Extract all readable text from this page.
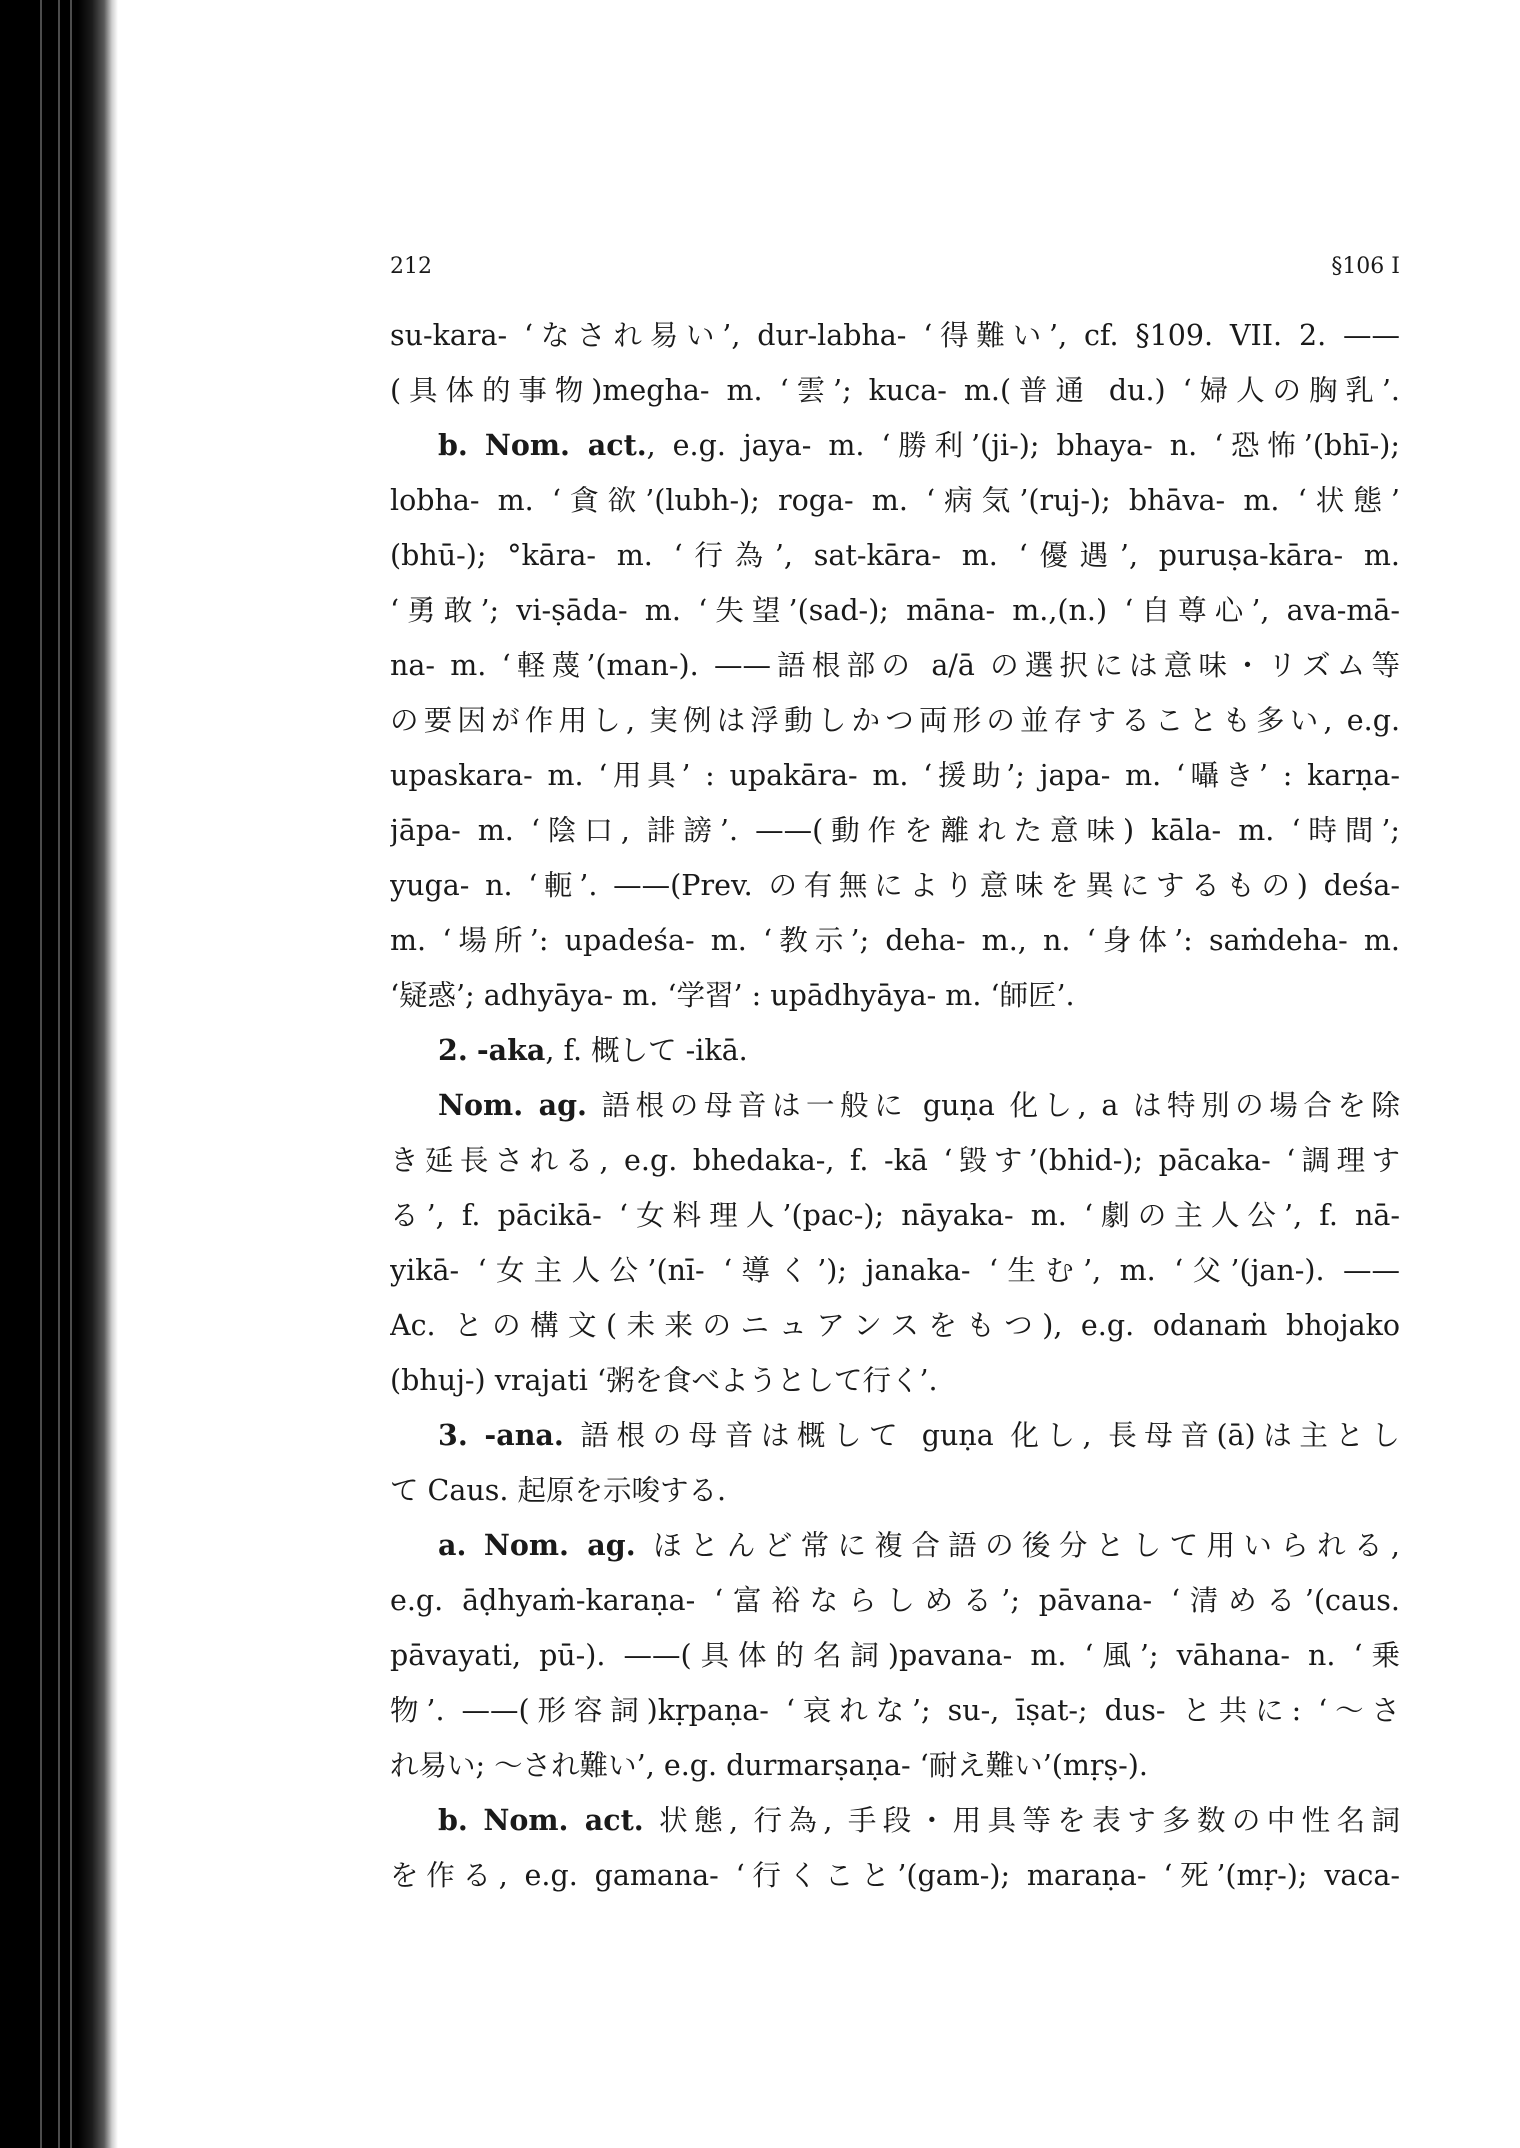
212	§106 I
su-kara- ‘なされ易い’, dur-labha- ‘得難い’, cf. §109. VII. 2. ——
(具体的事物)megha- m. ‘雲’; kuca- m.(普通 du.) ‘婦人の胸乳’.
b. Nom. act., e.g. jaya- m. ‘勝利’(ji-); bhaya- n. ‘恐怖’(bhī-);
lobha- m. ‘貪欲’(lubh-); roga- m. ‘病気’(ruj-); bhāva- m. ‘状態’
(bhū-); °kāra- m. ‘行為’, sat-kāra- m. ‘優遇’, puruṣa-kāra- m.
‘勇敢’; vi-ṣāda- m. ‘失望’(sad-); māna- m.,(n.) ‘自尊心’, ava-mā-
na- m. ‘軽蔑’(man-). ——語根部の a/ā の選択には意味・リズム等
の要因が作用し, 実例は浮動しかつ両形の並存することも多い, e.g.
upaskara- m. ‘用具’ : upakāra- m. ‘援助’; japa- m. ‘囁き’ : karṇa-
jāpa- m. ‘陰口, 誹謗’. ——(動作を離れた意味) kāla- m. ‘時間’;
yuga- n. ‘軛’. ——(Prev. の有無により意味を異にするもの) deśa-
m. ‘場所’: upadeśa- m. ‘教示’; deha- m., n. ‘身体’: saṁdeha- m.
‘疑惑’; adhyāya- m. ‘学習’ : upādhyāya- m. ‘師匠’.
2. -aka, f. 概して -ikā.
Nom. ag. 語根の母音は一般に guṇa 化し, a は特別の場合を除
き延長される, e.g. bhedaka-, f. -kā ‘毀す’(bhid-); pācaka- ‘調理す
る’, f. pācikā- ‘女料理人’(pac-); nāyaka- m. ‘劇の主人公’, f. nā-
yikā- ‘女主人公’(nī- ‘導く’); janaka- ‘生む’, m. ‘父’(jan-). ——
Ac. との構文(未来のニュアンスをもつ), e.g. odanaṁ bhojako
(bhuj-) vrajati ‘粥を食べようとして行く’.
3. -ana. 語根の母音は概して guṇa 化し, 長母音(ā)は主とし
て Caus. 起原を示唆する.
a. Nom. ag. ほとんど常に複合語の後分として用いられる,
e.g. āḍhyaṁ-karaṇa- ‘富裕ならしめる’; pāvana- ‘清める’(caus.
pāvayati, pū-). ——(具体的名詞)pavana- m. ‘風’; vāhana- n. ‘乗
物’. ——(形容詞)kṛpaṇa- ‘哀れな’; su-, īṣat-; dus- と共に: ‘～さ
れ易い; ～され難い’, e.g. durmarṣaṇa- ‘耐え難い’(mṛṣ-).
b. Nom. act. 状態, 行為, 手段・用具等を表す多数の中性名詞
を作る, e.g. gamana- ‘行くこと’(gam-); maraṇa- ‘死’(mṛ-); vaca-
